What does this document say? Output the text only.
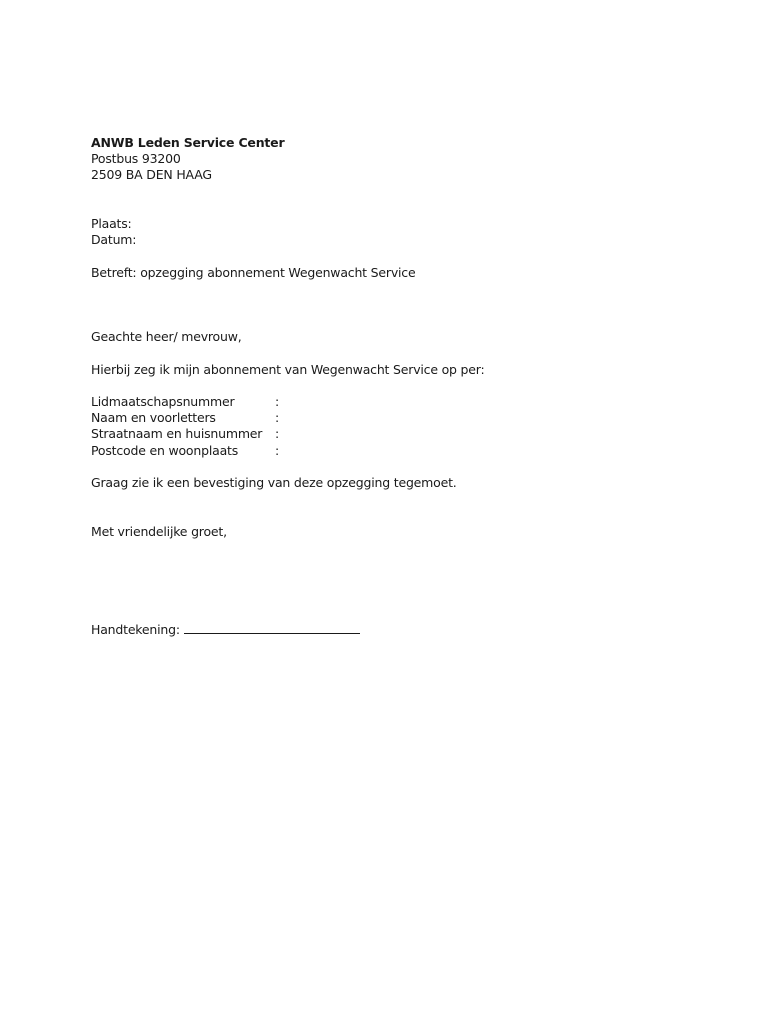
ANWB Leden Service Center
Postbus 93200
2509 BA DEN HAAG
Plaats:
Datum:
Betreft: opzegging abonnement Wegenwacht Service
Geachte heer/ mevrouw,
Hierbij zeg ik mijn abonnement van Wegenwacht Service op per:
Lidmaatschapsnummer	:
Naam en voorletters	:
Straatnaam en huisnummer	:
Postcode en woonplaats	:
Graag zie ik een bevestiging van deze opzegging tegemoet.
Met vriendelijke groet,
Handtekening:
